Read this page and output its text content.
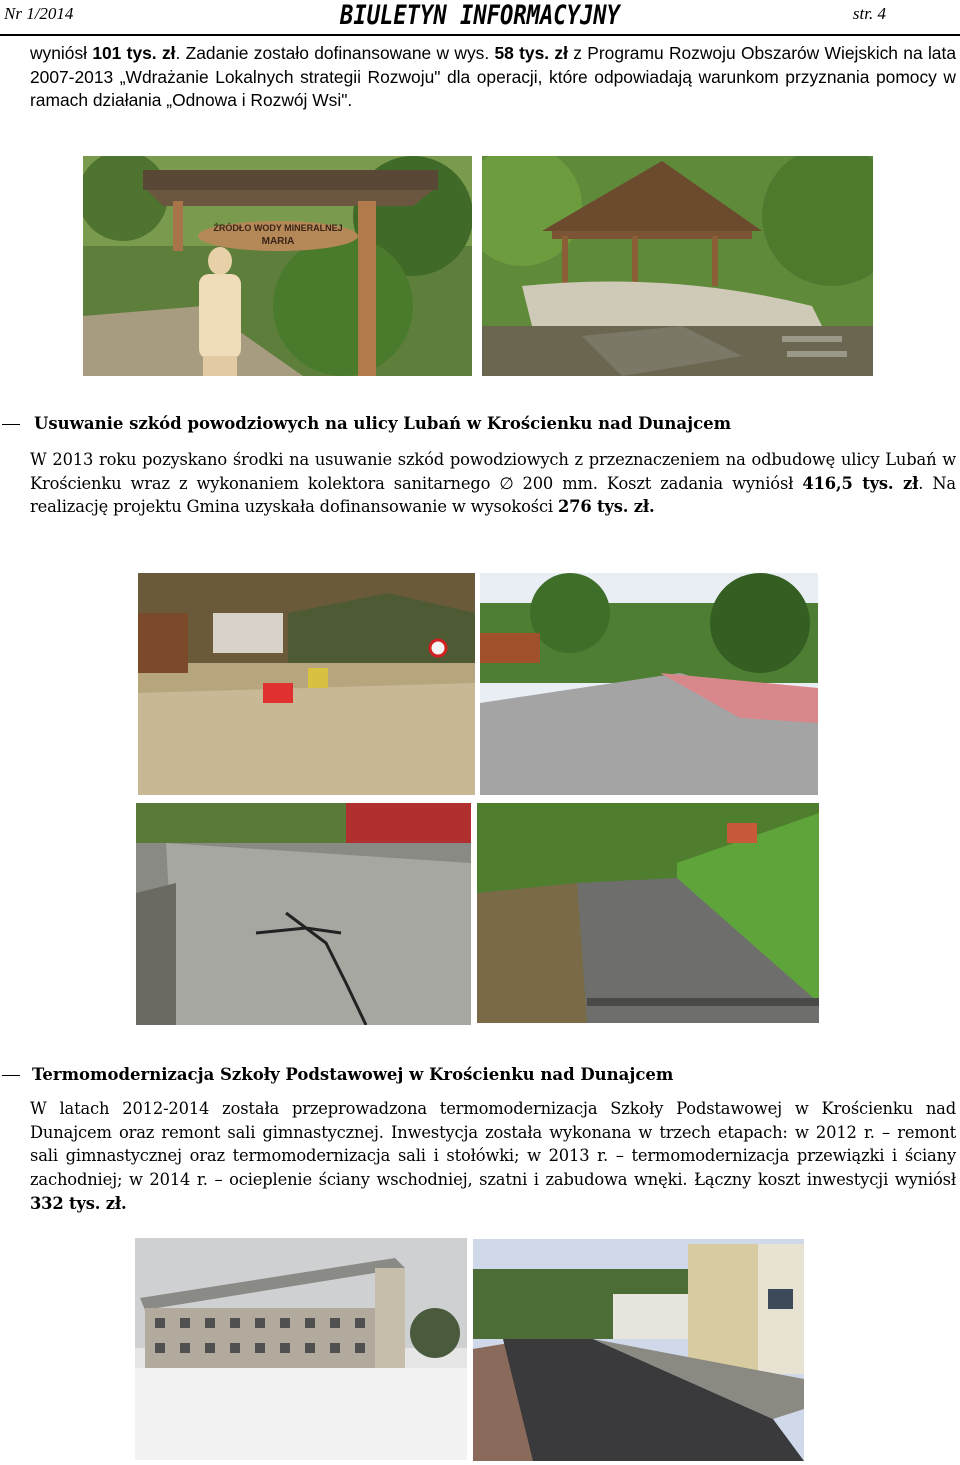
Nr 1/2014	BIULETYN INFORMACYJNY	str. 4
wyniósł 101 tys. zł. Zadanie zostało dofinansowane w wys. 58 tys. zł z Programu Rozwoju Obszarów Wiejskich na lata 2007-2013 „Wdrażanie Lokalnych strategii Rozwoju" dla operacji, które odpowiadają warunkom przyznania pomocy w ramach działania „Odnowa i Rozwój Wsi".
ŹRÓDŁO WODY MINERALNEJ
MARIA
Usuwanie szkód powodziowych na ulicy Lubań w Krościenku nad Dunajcem
W 2013 roku pozyskano środki na usuwanie szkód powodziowych z przeznaczeniem na odbudowę ulicy Lubań w Krościenku wraz z wykonaniem kolektora sanitarnego ∅ 200 mm. Koszt zadania wyniósł 416,5 tys. zł. Na realizację projektu Gmina uzyskała dofinansowanie w wysokości 276 tys. zł.
Termomodernizacja Szkoły Podstawowej w Krościenku nad Dunajcem
W latach 2012-2014 została przeprowadzona termomodernizacja Szkoły Podstawowej w Krościenku nad Dunajcem oraz remont sali gimnastycznej. Inwestycja została wykonana w trzech etapach: w 2012 r. – remont sali gimnastycznej oraz termomodernizacja sali i stołówki; w 2013 r. – termomodernizacja przewiązki i ściany zachodniej; w 2014 r. – ocieplenie ściany wschodniej, szatni i zabudowa wnęki. Łączny koszt inwestycji wyniósł 332 tys. zł.
